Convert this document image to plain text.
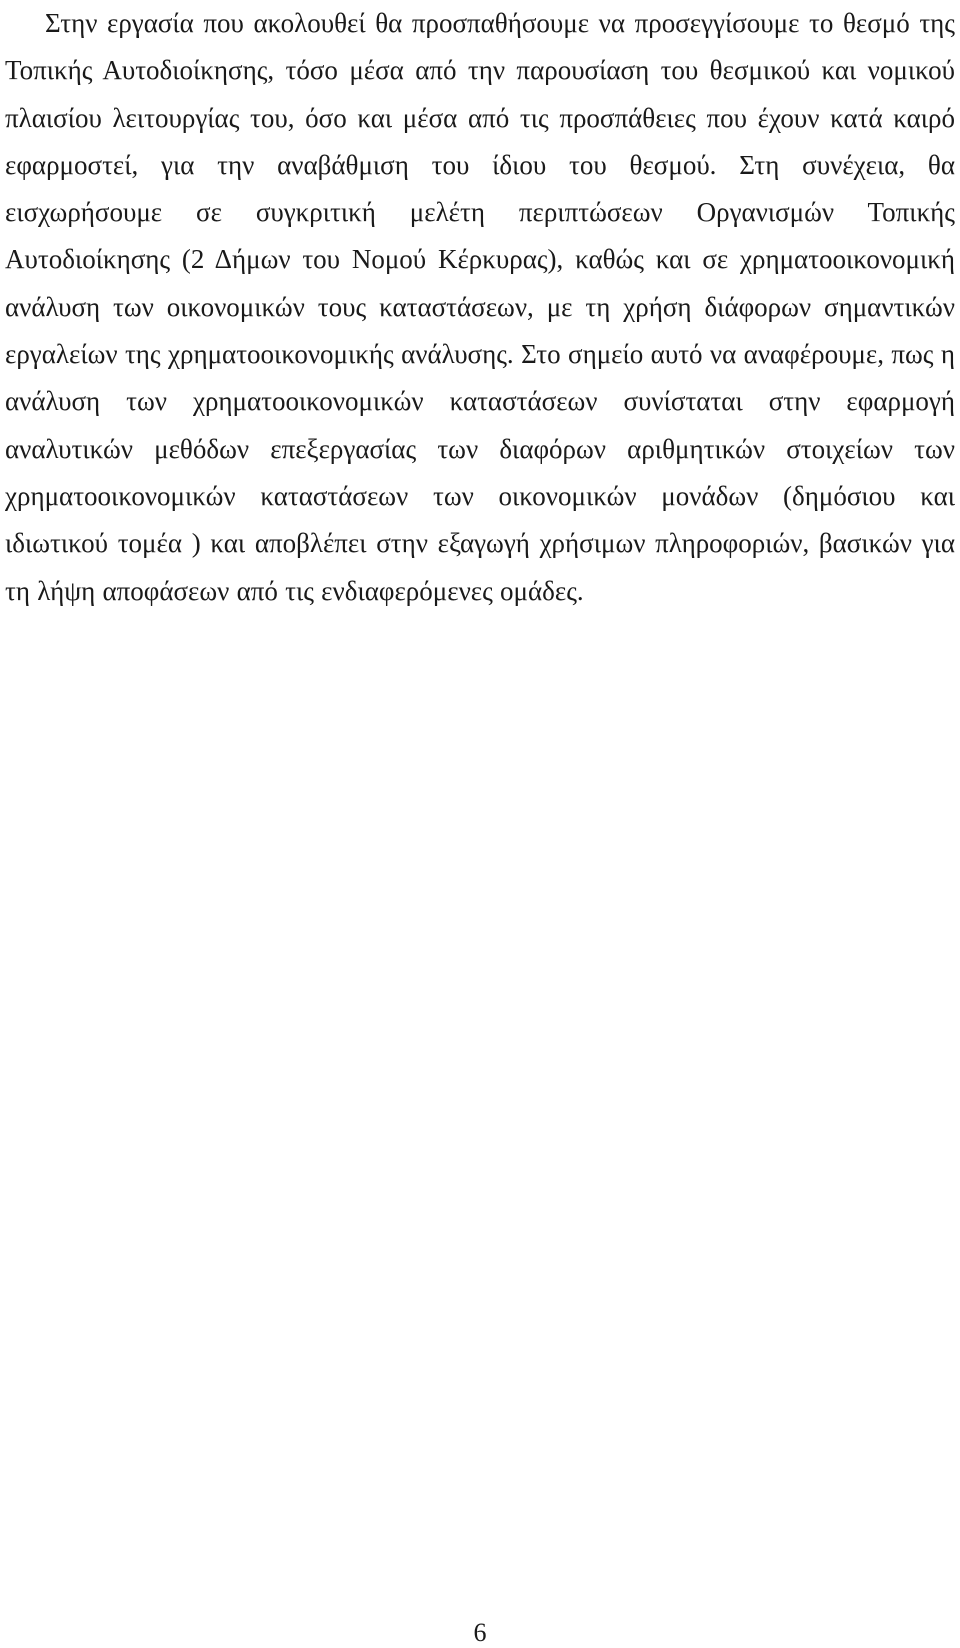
Στην εργασία που ακολουθεί θα προσπαθήσουμε να προσεγγίσουμε το θεσμό της Τοπικής Αυτοδιοίκησης, τόσο μέσα από την παρουσίαση του θεσμικού και νομικού πλαισίου λειτουργίας του, όσο και μέσα από τις προσπάθειες που έχουν κατά καιρό εφαρμοστεί, για την αναβάθμιση του ίδιου του θεσμού. Στη συνέχεια, θα εισχωρήσουμε σε συγκριτική μελέτη περιπτώσεων Οργανισμών Τοπικής Αυτοδιοίκησης (2 Δήμων του Νομού Κέρκυρας), καθώς και σε χρηματοοικονομική ανάλυση των οικονομικών τους καταστάσεων, με τη χρήση διάφορων σημαντικών εργαλείων της χρηματοοικονομικής ανάλυσης. Στο σημείο αυτό να αναφέρουμε, πως η ανάλυση των χρηματοοικονομικών καταστάσεων συνίσταται στην εφαρμογή αναλυτικών μεθόδων επεξεργασίας των διαφόρων αριθμητικών στοιχείων των χρηματοοικονομικών καταστάσεων των οικονομικών μονάδων (δημόσιου και ιδιωτικού τομέα ) και αποβλέπει στην εξαγωγή χρήσιμων πληροφοριών, βασικών για τη λήψη αποφάσεων από τις ενδιαφερόμενες ομάδες.

6
